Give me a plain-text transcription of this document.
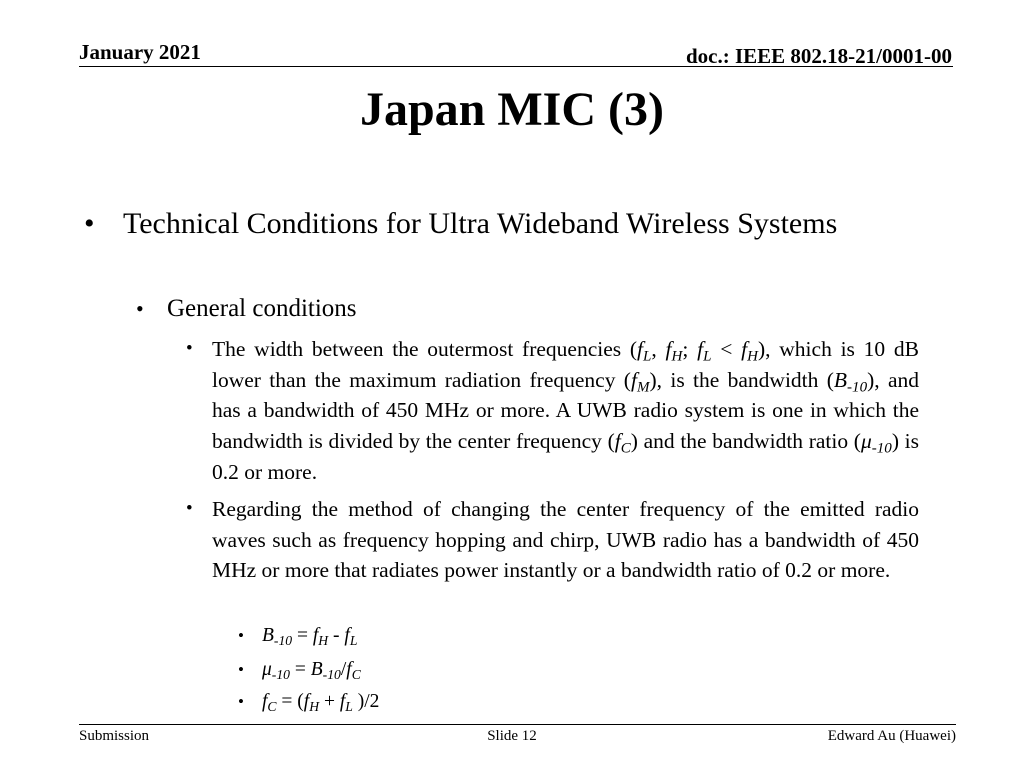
January 2021	doc.: IEEE 802.18-21/0001-00
Japan MIC (3)
• Technical Conditions for Ultra Wideband Wireless Systems
• General conditions
• The width between the outermost frequencies ($f_L$, $f_H$; $f_L < f_H$), which is 10 dB lower than the maximum radiation frequency $(f_M)$, is the bandwidth $(B_{-10})$, and has a bandwidth of 450 MHz or more. A UWB radio system is one in which the bandwidth is divided by the center frequency $(f_C)$ and the bandwidth ratio $(\mu_{-10})$ is 0.2 or more.
• Regarding the method of changing the center frequency of the emitted radio waves such as frequency hopping and chirp, UWB radio has a bandwidth of 450 MHz or more that radiates power instantly or a bandwidth ratio of 0.2 or more.
• $B_{-10} = f_H - f_L$
• $\mu_{-10} = B_{-10}/f_C$
• $f_C = (f_H + f_L$ )/2
Submission	Slide 12	Edward Au (Huawei)
